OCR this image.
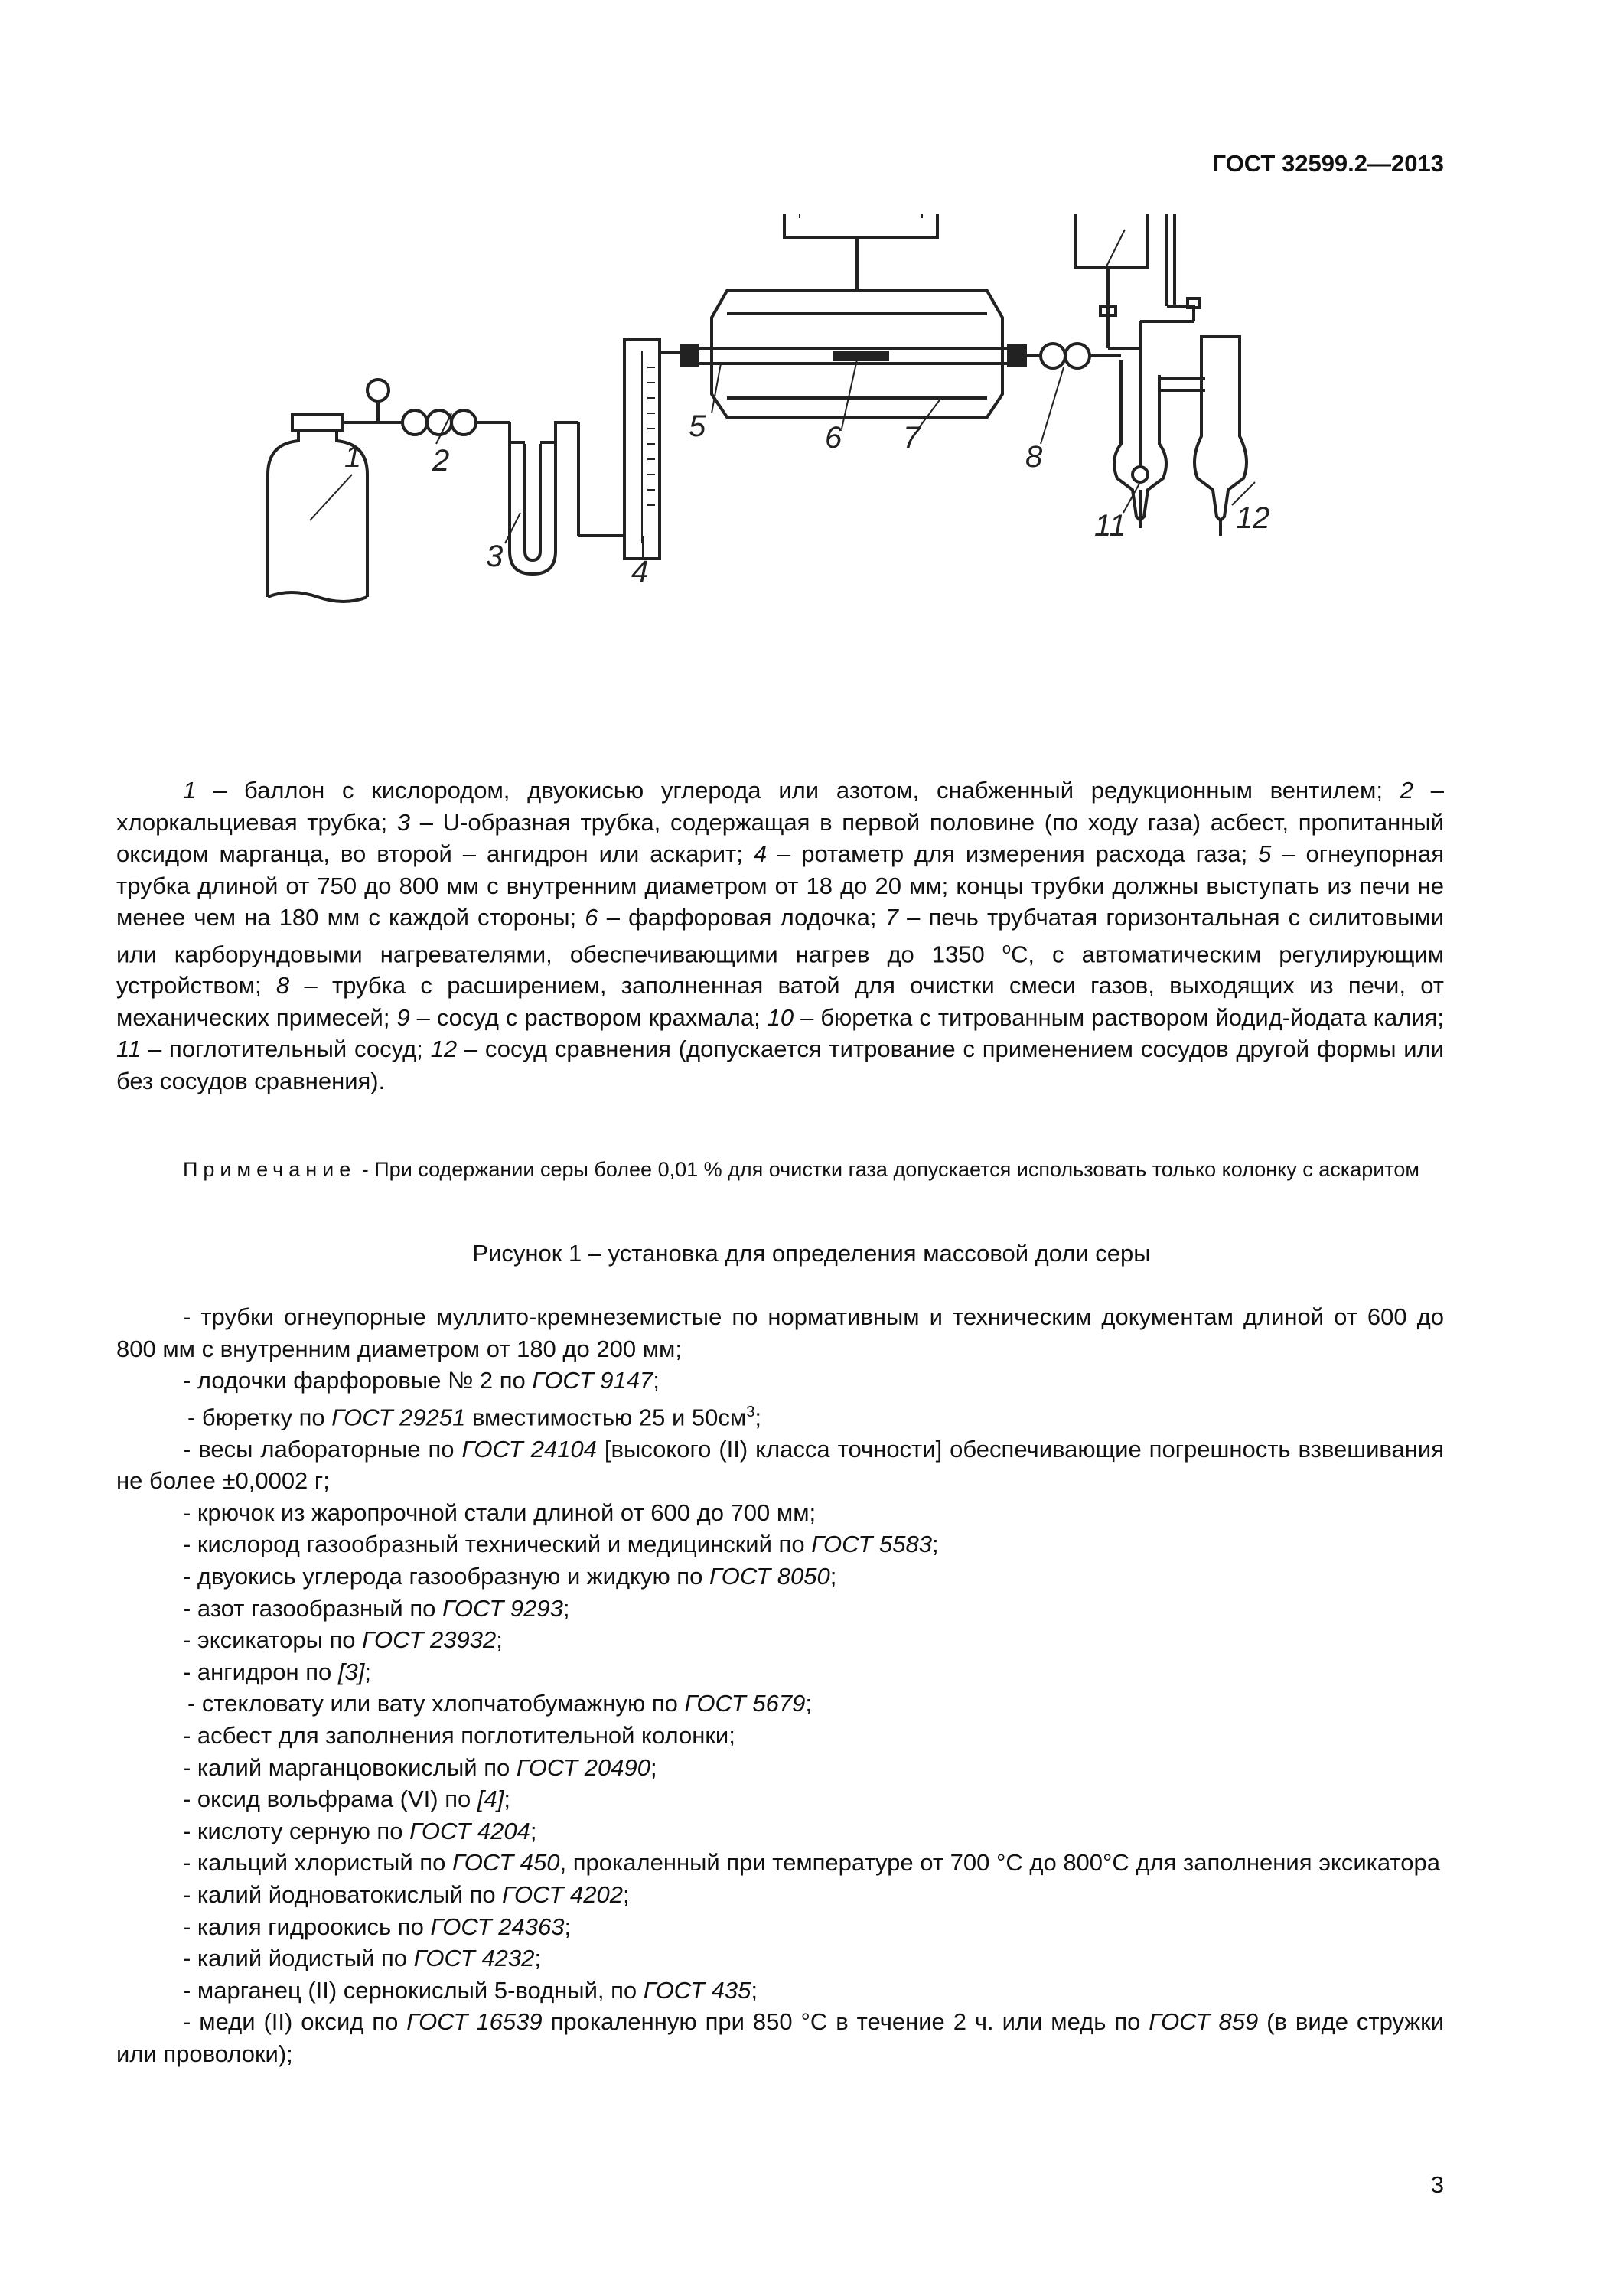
ГОСТ 32599.2—2013
1 2
3	4
5	6 7
8
11	12

1 – баллон с кислородом, двуокисью углерода или азотом, снабженный редукционным вентилем; 2 – хлоркальциевая трубка; 3 – U-образная трубка, содержащая в первой половине (по ходу газа) асбест, пропитанный оксидом марганца, во второй – ангидрон или аскарит; 4 – ротаметр для измерения расхода газа; 5 – огнеупорная трубка длиной от 750 до 800 мм с внутренним диаметром от 18 до 20 мм; концы трубки должны выступать из печи не менее чем на 180 мм с каждой стороны; 6 – фарфоровая лодочка; 7 – печь трубчатая горизонтальная с силитовыми или карборундовыми нагревателями, обеспечивающими нагрев до 1350 $^о$С, с автоматическим регулирующим устройством; 8 – трубка с расширением, заполненная ватой для очистки смеси газов, выходящих из печи, от механических примесей; 9 – сосуд с раствором крахмала; 10 – бюретка с титрованным раствором йодид-йодата калия; 11 – поглотительный сосуд; 12 – сосуд сравнения (допускается титрование с применением сосудов другой формы или без сосудов сравнения).

Примечание - При содержании серы более 0,01 % для очистки газа допускается использовать только колонку с аскаритом

Рисунок 1 – установка для определения массовой доли серы
- трубки огнеупорные муллито-кремнеземистые по нормативным и техническим документам длиной от 600 до 800 мм с внутренним диаметром от 180 до 200 мм;
- лодочки фарфоровые № 2 по ГОСТ 9147;
- бюретку по ГОСТ 29251 вместимостью 25 и $50см^3$;
- весы лабораторные по ГОСТ 24104 [высокого (II) класса точности] обеспечивающие погрешность взвешивания не более ±0,0002 г;
- крючок из жаропрочной стали длиной от 600 до 700 мм;
- кислород газообразный технический и медицинский по ГОСТ 5583;
- двуокись углерода газообразную и жидкую по ГОСТ 8050;
- азот газообразный по ГОСТ 9293;
- эксикаторы по ГОСТ 23932;
- ангидрон по [3];
- стекловату или вату хлопчатобумажную по ГОСТ 5679;
- асбест для заполнения поглотительной колонки;
- калий марганцовокислый по ГОСТ 20490;
- оксид вольфрама (VI) по [4];
- кислоту серную по ГОСТ 4204;
- кальций хлористый по ГОСТ 450, прокаленный при температуре от 700 °С до 800°С для заполнения эксикатора
- калий йодноватокислый по ГОСТ 4202;
- калия гидроокись по ГОСТ 24363;
- калий йодистый по ГОСТ 4232;
- марганец (II) сернокислый 5-водный, по ГОСТ 435;
- меди (II) оксид по ГОСТ 16539 прокаленную при 850 °С в течение 2 ч. или медь по ГОСТ 859 (в виде стружки или проволоки);
3
